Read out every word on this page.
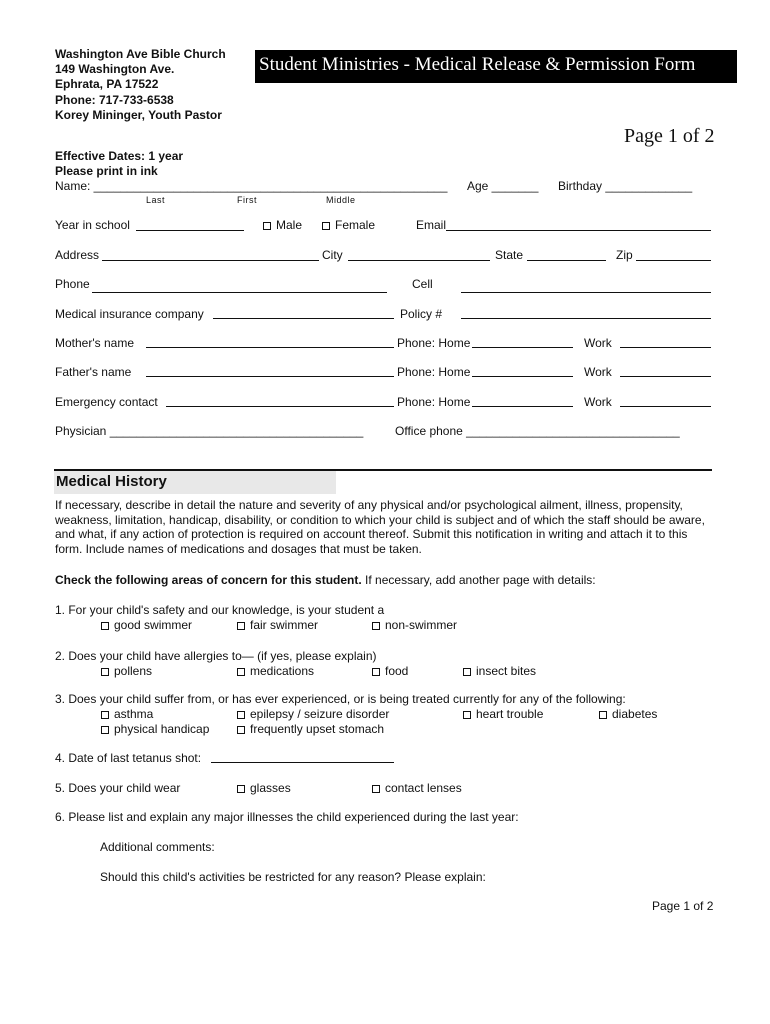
Washington Ave Bible Church
149 Washington Ave.
Ephrata, PA 17522
Phone: 717-733-6538
Korey Mininger, Youth Pastor
Student Ministries - Medical Release & Permission Form
Page 1 of 2
Effective Dates: 1 year
Please print in ink
Name: _____________________________________________________ Age _______ Birthday _____________
Last	First	Middle
Year in school	Male	Female	Email
Address	City	State	Zip
Phone	Cell
Medical insurance company	Policy #
Mother's name	Phone: Home	Work
Father's name	Phone: Home	Work
Emergency contact	Phone: Home	Work
Physician ______________________________________	Office phone ________________________________
Medical History
If necessary, describe in detail the nature and severity of any physical and/or psychological ailment, illness, propensity, weakness, limitation, handicap, disability, or condition to which your child is subject and of which the staff should be aware, and what, if any action of protection is required on account thereof. Submit this notification in writing and attach it to this form. Include names of medications and dosages that must be taken.
Check the following areas of concern for this student. If necessary, add another page with details:
1. For your child's safety and our knowledge, is your student a
good swimmer	fair swimmer	non-swimmer
2. Does your child have allergies to— (if yes, please explain)
pollens	medications	food	insect bites
3. Does your child suffer from, or has ever experienced, or is being treated currently for any of the following:
asthma	epilepsy / seizure disorder	heart trouble	diabetes
physical handicap	frequently upset stomach
4. Date of last tetanus shot:
5. Does your child wear	glasses	contact lenses
6. Please list and explain any major illnesses the child experienced during the last year:
Additional comments:
Should this child's activities be restricted for any reason? Please explain:
Page 1 of 2
